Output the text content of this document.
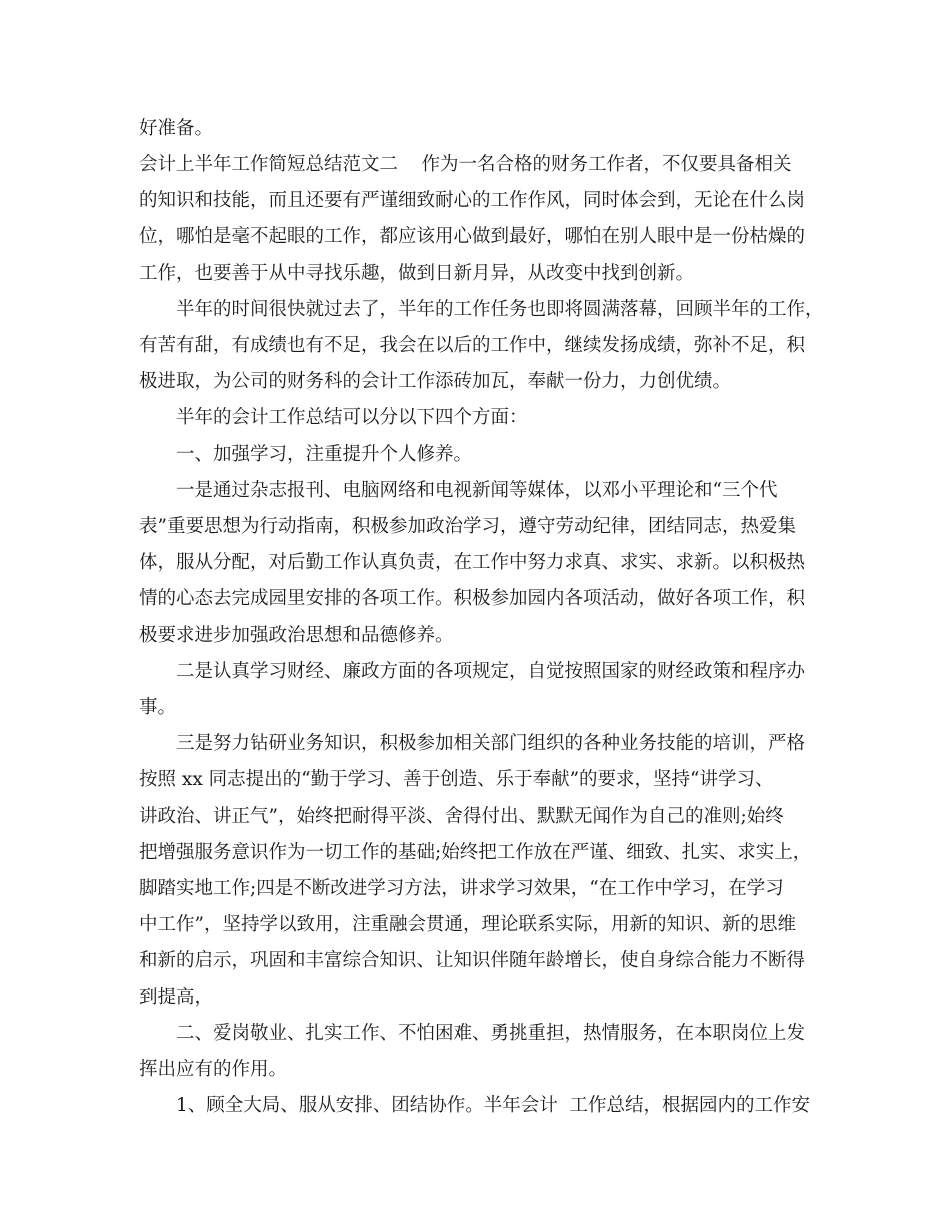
好准备。
会计上半年工作简短总结范文二    作为一名合格的财务工作者，不仅要具备相关
的知识和技能，而且还要有严谨细致耐心的工作作风，同时体会到，无论在什么岗
位，哪怕是毫不起眼的工作，都应该用心做到最好，哪怕在别人眼中是一份枯燥的
工作，也要善于从中寻找乐趣，做到日新月异，从改变中找到创新。
半年的时间很快就过去了，半年的工作任务也即将圆满落幕，回顾半年的工作，
有苦有甜，有成绩也有不足，我会在以后的工作中，继续发扬成绩，弥补不足，积
极进取，为公司的财务科的会计工作添砖加瓦，奉献一份力，力创优绩。
半年的会计工作总结可以分以下四个方面：
一、加强学习，注重提升个人修养。
一是通过杂志报刊、电脑网络和电视新闻等媒体，以邓小平理论和“三个代
表”重要思想为行动指南，积极参加政治学习，遵守劳动纪律，团结同志，热爱集
体，服从分配，对后勤工作认真负责，在工作中努力求真、求实、求新。以积极热
情的心态去完成园里安排的各项工作。积极参加园内各项活动，做好各项工作，积
极要求进步加强政治思想和品德修养。
二是认真学习财经、廉政方面的各项规定，自觉按照国家的财经政策和程序办
事。
三是努力钻研业务知识，积极参加相关部门组织的各种业务技能的培训，严格
按照 xx 同志提出的“勤于学习、善于创造、乐于奉献”的要求，坚持“讲学习、
讲政治、讲正气”，始终把耐得平淡、舍得付出、默默无闻作为自己的准则;始终
把增强服务意识作为一切工作的基础;始终把工作放在严谨、细致、扎实、求实上，
脚踏实地工作;四是不断改进学习方法，讲求学习效果，“在工作中学习，在学习
中工作”，坚持学以致用，注重融会贯通，理论联系实际，用新的知识、新的思维
和新的启示，巩固和丰富综合知识、让知识伴随年龄增长，使自身综合能力不断得
到提高，
二、爱岗敬业、扎实工作、不怕困难、勇挑重担，热情服务，在本职岗位上发
挥出应有的作用。
1、顾全大局、服从安排、团结协作。半年会计  工作总结，根据园内的工作安
